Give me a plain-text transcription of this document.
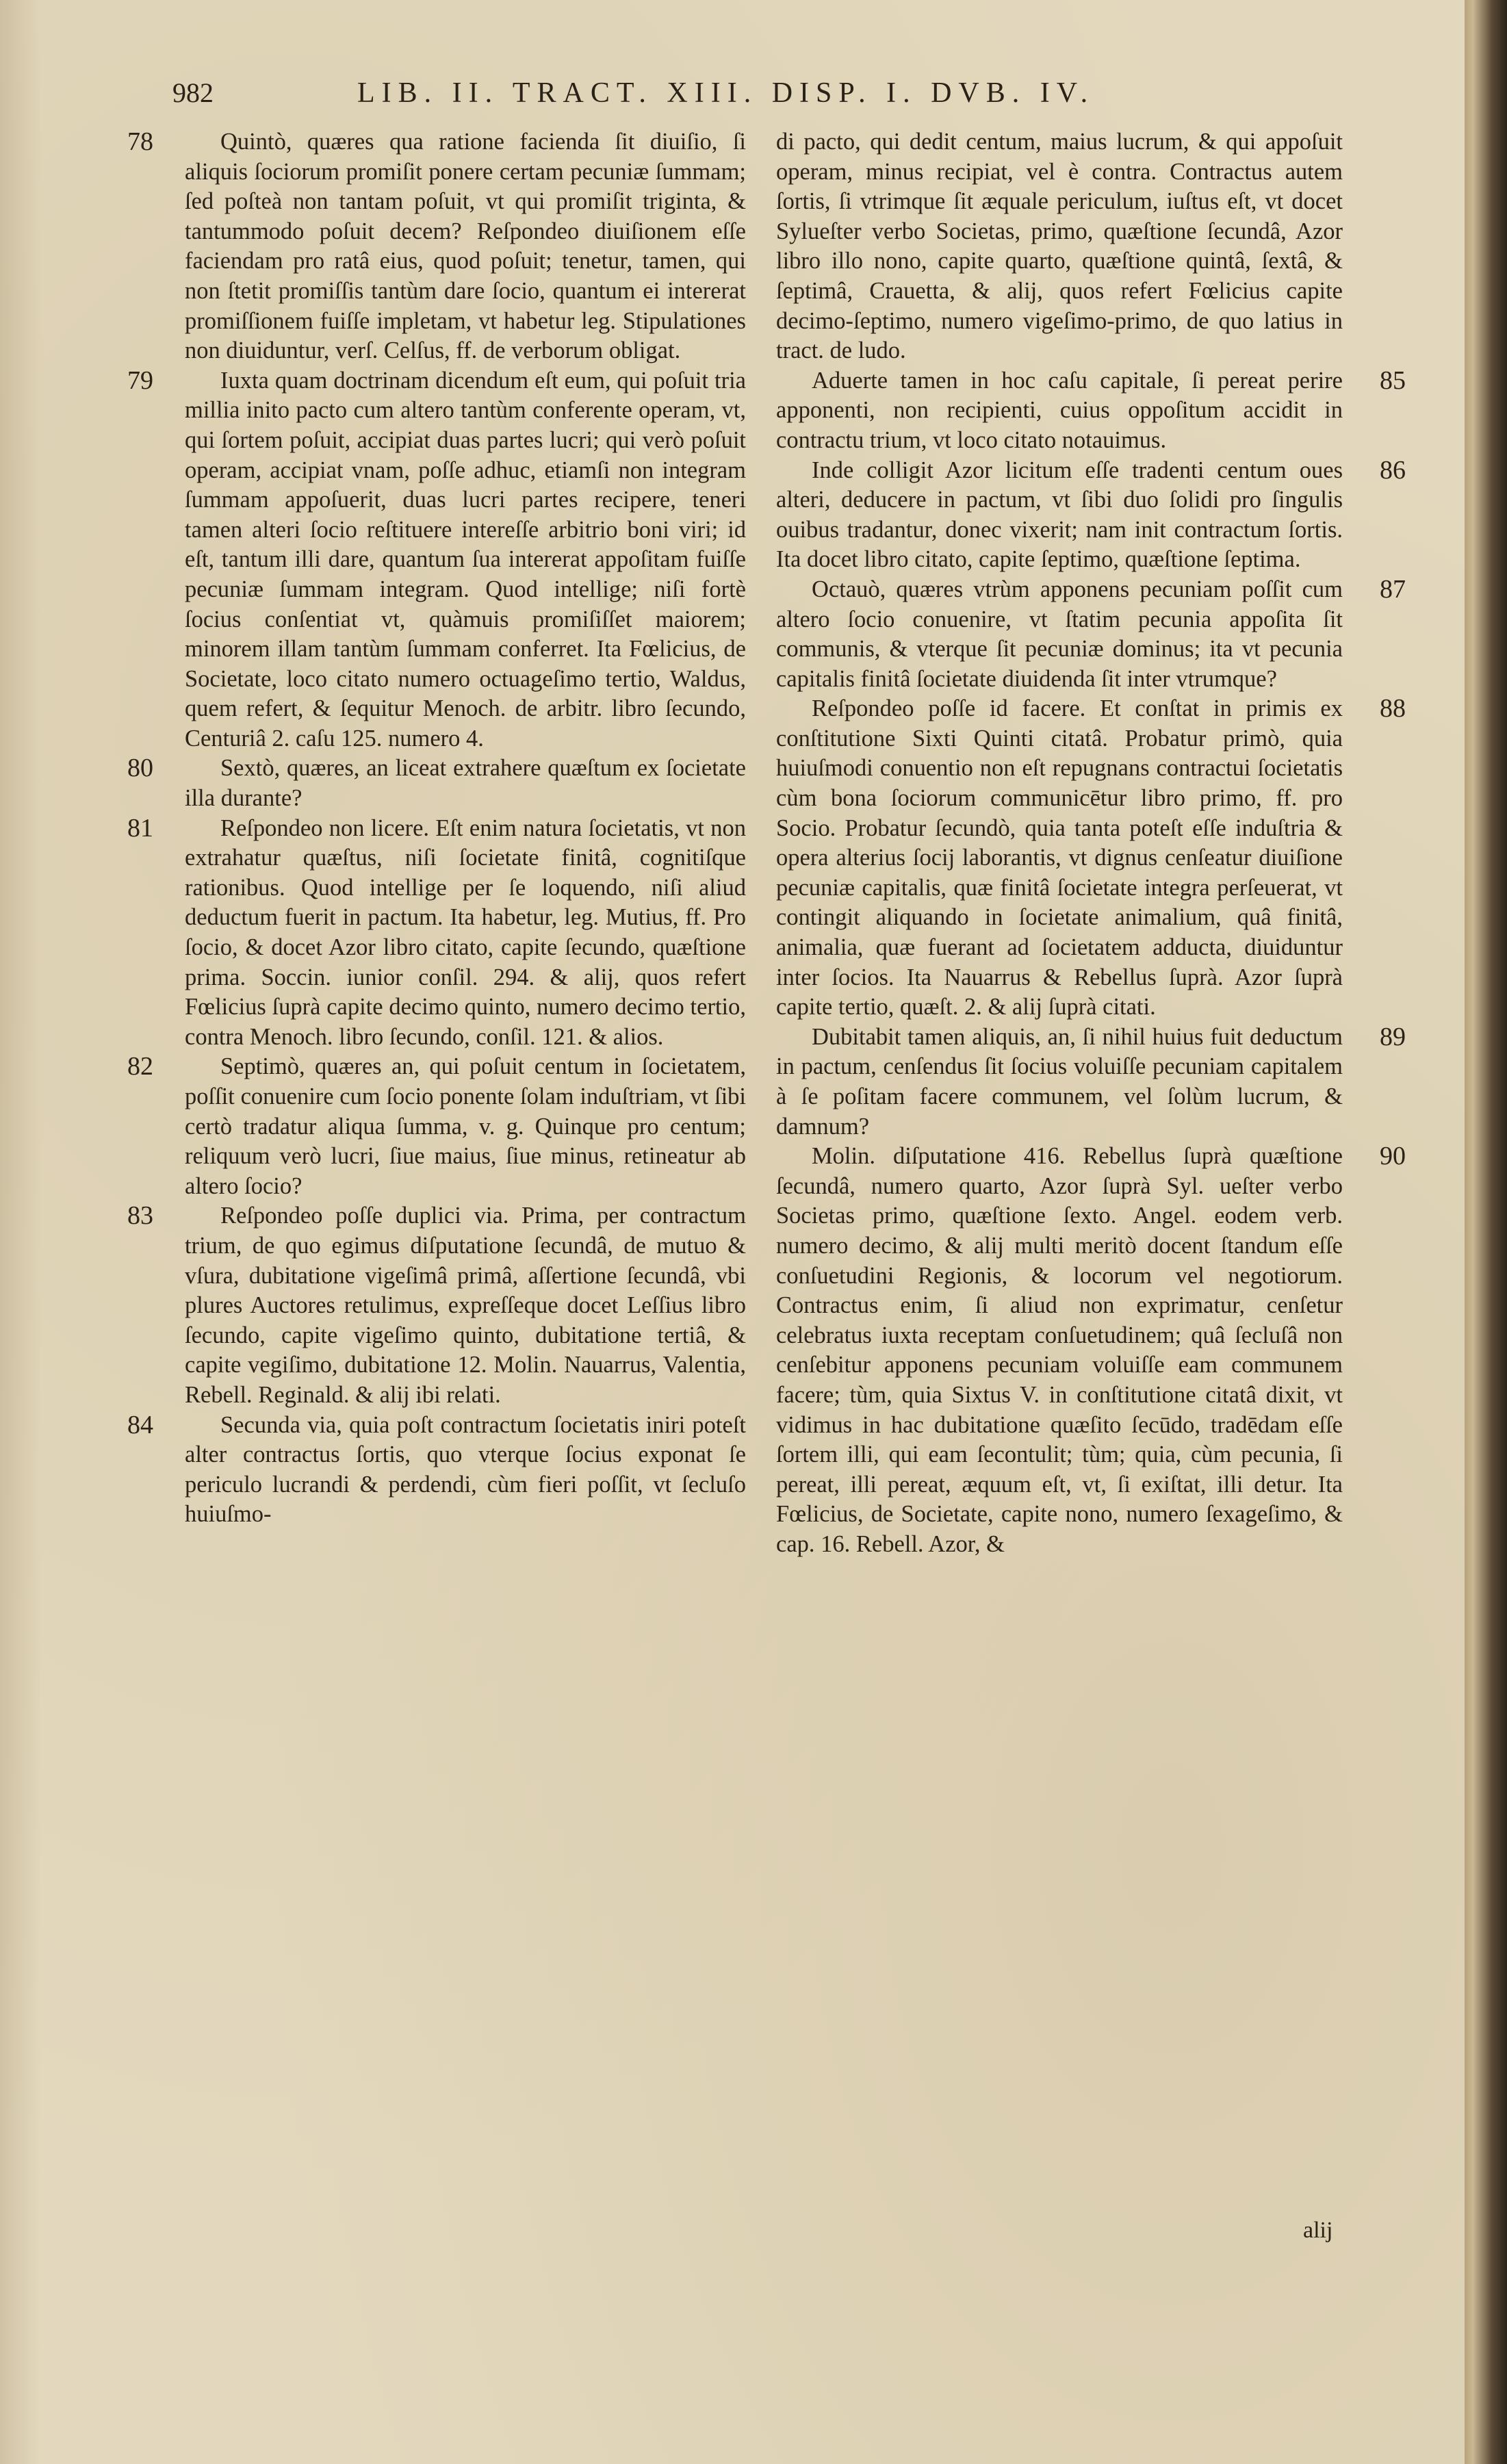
982	LIB. II. TRACT. XIII. DISP. I. DVB. IV.

78	Quintò, quæres qua ratione facienda ſit diuiſio, ſi aliquis ſociorum promiſit ponere certam pecuniæ ſummam; ſed poſteà non tantam poſuit, vt qui promiſit triginta, & tantummodo poſuit decem? Reſpondeo diuiſionem eſſe faciendam pro ratâ eius, quod poſuit; tenetur, tamen, qui non ſtetit promiſſis tantùm dare ſocio, quantum ei intererat promiſſionem fuiſſe impletam, vt habetur leg. Stipulationes non diuiduntur, verſ. Celſus, ff. de verborum obligat.

79	Iuxta quam doctrinam dicendum eſt eum, qui poſuit tria millia inito pacto cum altero tantùm conferente operam, vt, qui ſortem poſuit, accipiat duas partes lucri; qui verò poſuit operam, accipiat vnam, poſſe adhuc, etiamſi non integram ſummam appoſuerit, duas lucri partes recipere, teneri tamen alteri ſocio reſtituere intereſſe arbitrio boni viri; id eſt, tantum illi dare, quantum ſua intererat appoſitam fuiſſe pecuniæ ſummam integram. Quod intellige; niſi fortè ſocius conſentiat vt, quàmuis promiſiſſet maiorem; minorem illam tantùm ſummam conferret. Ita Fœlicius, de Societate, loco citato numero octuageſimo tertio, Waldus, quem refert, & ſequitur Menoch. de arbitr. libro ſecundo, Centuriâ 2. caſu 125. numero 4.

80	Sextò, quæres, an liceat extrahere quæſtum ex ſocietate illa durante?

81	Reſpondeo non licere. Eſt enim natura ſocietatis, vt non extrahatur quæſtus, niſi ſocietate finitâ, cognitiſque rationibus. Quod intellige per ſe loquendo, niſi aliud deductum fuerit in pactum. Ita habetur, leg. Mutius, ff. Pro ſocio, & docet Azor libro citato, capite ſecundo, quæſtione prima. Soccin. iunior conſil. 294. & alij, quos refert Fœlicius ſuprà capite decimo quinto, numero decimo tertio, contra Menoch. libro ſecundo, conſil. 121. & alios.

82	Septimò, quæres an, qui poſuit centum in ſocietatem, poſſit conuenire cum ſocio ponente ſolam induſtriam, vt ſibi certò tradatur aliqua ſumma, v. g. Quinque pro centum; reliquum verò lucri, ſiue maius, ſiue minus, retineatur ab altero ſocio?

83	Reſpondeo poſſe duplici via. Prima, per contractum trium, de quo egimus diſputatione ſecundâ, de mutuo & vſura, dubitatione vigeſimâ primâ, aſſertione ſecundâ, vbi plures Auctores retulimus, expreſſeque docet Leſſius libro ſecundo, capite vigeſimo quinto, dubitatione tertiâ, & capite vegiſimo, dubitatione 12. Molin. Nauarrus, Valentia, Rebell. Reginald. & alij ibi relati.

84	Secunda via, quia poſt contractum ſocietatis iniri poteſt alter contractus ſortis, quo vterque ſocius exponat ſe periculo lucrandi & perdendi, cùm fieri poſſit, vt ſecluſo huiuſmo-

di pacto, qui dedit centum, maius lucrum, & qui appoſuit operam, minus recipiat, vel è contra. Contractus autem ſortis, ſi vtrimque ſit æquale periculum, iuſtus eſt, vt docet Sylueſter verbo Societas, primo, quæſtione ſecundâ, Azor libro illo nono, capite quarto, quæſtione quintâ, ſextâ, & ſeptimâ, Crauetta, & alij, quos refert Fœlicius capite decimo-ſeptimo, numero vigeſimo-primo, de quo latius in tract. de ludo.

85
Aduerte tamen in hoc caſu capitale, ſi pereat perire apponenti, non recipienti, cuius oppoſitum accidit in contractu trium, vt loco citato notauimus.

86
Inde colligit Azor licitum eſſe tradenti centum oues alteri, deducere in pactum, vt ſibi duo ſolidi pro ſingulis ouibus tradantur, donec vixerit; nam init contractum ſortis. Ita docet libro citato, capite ſeptimo, quæſtione ſeptima.

87
Octauò, quæres vtrùm apponens pecuniam poſſit cum altero ſocio conuenire, vt ſtatim pecunia appoſita ſit communis, & vterque ſit pecuniæ dominus; ita vt pecunia capitalis finitâ ſocietate diuidenda ſit inter vtrumque?

88
Reſpondeo poſſe id facere. Et conſtat in primis ex conſtitutione Sixti Quinti citatâ. Probatur primò, quia huiuſmodi conuentio non eſt repugnans contractui ſocietatis cùm bona ſociorum communicētur libro primo, ff. pro Socio. Probatur ſecundò, quia tanta poteſt eſſe induſtria & opera alterius ſocij laborantis, vt dignus cenſeatur diuiſione pecuniæ capitalis, quæ finitâ ſocietate integra perſeuerat, vt contingit aliquando in ſocietate animalium, quâ finitâ, animalia, quæ fuerant ad ſocietatem adducta, diuiduntur inter ſocios. Ita Nauarrus & Rebellus ſuprà. Azor ſuprà capite tertio, quæſt. 2. & alij ſuprà citati.

89
Dubitabit tamen aliquis, an, ſi nihil huius fuit deductum in pactum, cenſendus ſit ſocius voluiſſe pecuniam capitalem à ſe poſitam facere communem, vel ſolùm lucrum, & damnum?

90
Molin. diſputatione 416. Rebellus ſuprà quæſtione ſecundâ, numero quarto, Azor ſuprà Syl. ueſter verbo Societas primo, quæſtione ſexto. Angel. eodem verb. numero decimo, & alij multi meritò docent ſtandum eſſe conſuetudini Regionis, & locorum vel negotiorum. Contractus enim, ſi aliud non exprimatur, cenſetur celebratus iuxta receptam conſuetudinem; quâ ſecluſâ non cenſebitur apponens pecuniam voluiſſe eam communem facere; tùm, quia Sixtus V. in conſtitutione citatâ dixit, vt vidimus in hac dubitatione quæſito ſecūdo, tradēdam eſſe ſortem illi, qui eam ſecontulit; tùm; quia, cùm pecunia, ſi pereat, illi pereat, æquum eſt, vt, ſi exiſtat, illi detur. Ita Fœlicius, de Societate, capite nono, numero ſexageſimo, & cap. 16. Rebell. Azor, &

alij
